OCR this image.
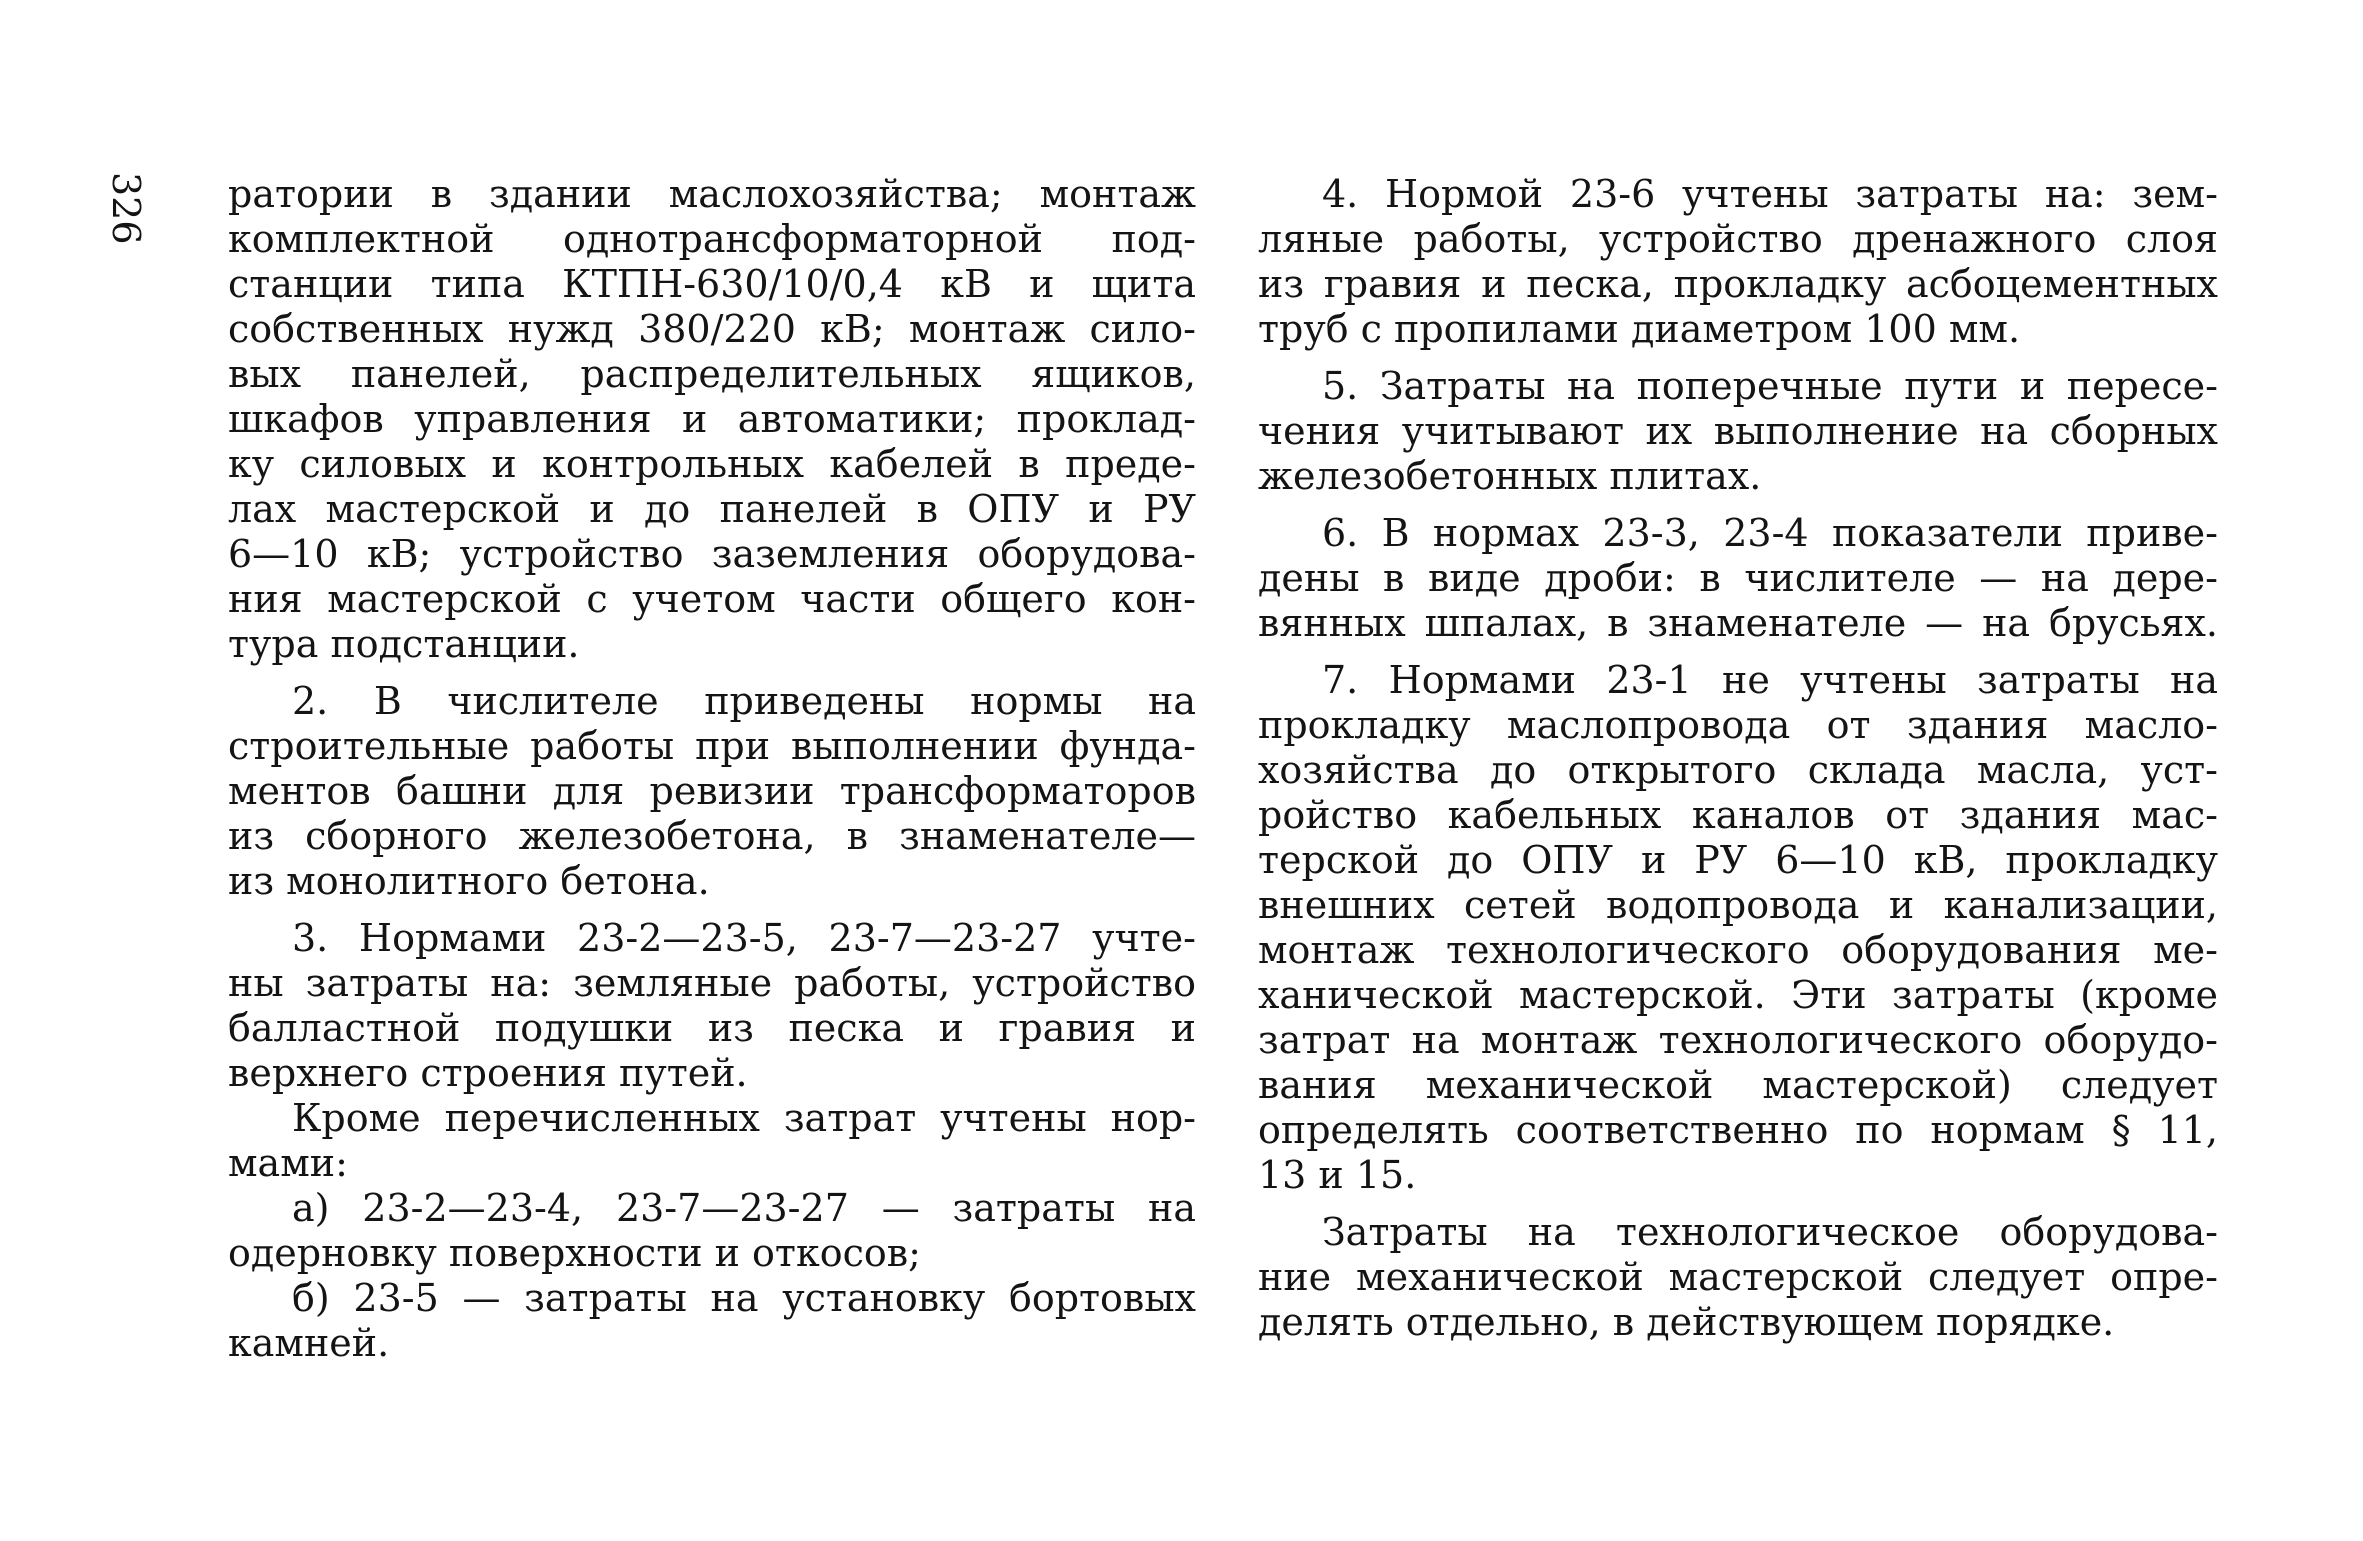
326 ратории в здании маслохозяйства; монтаж
комплектной однотрансформаторной под-
станции типа КТПН-630/10/0,4 кВ и щита
собственных нужд 380/220 кВ; монтаж сило-
вых панелей, распределительных ящиков,
шкафов управления и автоматики; проклад-
ку силовых и контрольных кабелей в преде-
лах мастерской и до панелей в ОПУ и РУ
6—10 кВ; устройство заземления оборудова-
ния мастерской с учетом части общего кон-
тура подстанции.
2. В числителе приведены нормы на
строительные работы при выполнении фунда-
ментов башни для ревизии трансформаторов
из сборного железобетона, в знаменателе—
из монолитного бетона.
3. Нормами 23-2—23-5, 23-7—23-27 учте-
ны затраты на: земляные работы, устройство
балластной подушки из песка и гравия и
верхнего строения путей.
Кроме перечисленных затрат учтены нор-
мами:
а) 23-2—23-4, 23-7—23-27 — затраты на
одерновку поверхности и откосов;
б) 23-5 — затраты на установку бортовых
камней.
4. Нормой 23-6 учтены затраты на: зем-
ляные работы, устройство дренажного слоя
из гравия и песка, прокладку асбоцементных
труб с пропилами диаметром 100 мм.
5. Затраты на поперечные пути и пересе-
чения учитывают их выполнение на сборных
железобетонных плитах.
6. В нормах 23-3, 23-4 показатели приве-
дены в виде дроби: в числителе — на дере-
вянных шпалах, в знаменателе — на брусьях.
7. Нормами 23-1 не учтены затраты на
прокладку маслопровода от здания масло-
хозяйства до открытого склада масла, уст-
ройство кабельных каналов от здания мас-
терской до ОПУ и РУ 6—10 кВ, прокладку
внешних сетей водопровода и канализации,
монтаж технологического оборудования ме-
ханической мастерской. Эти затраты (кроме
затрат на монтаж технологического оборудо-
вания механической мастерской) следует
определять соответственно по нормам § 11,
13 и 15.
Затраты на технологическое оборудова-
ние механической мастерской следует опре-
делять отдельно, в действующем порядке.
